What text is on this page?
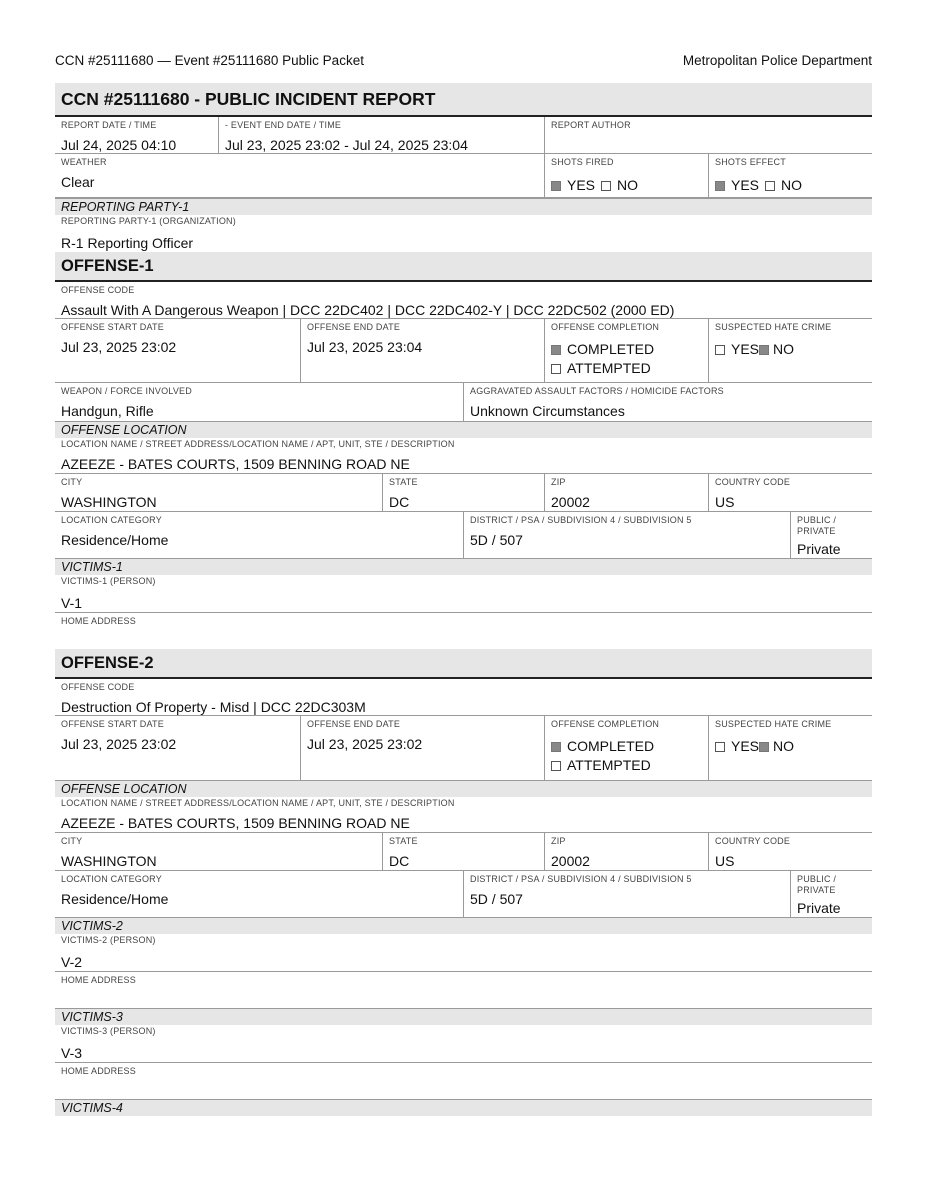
CCN #25111680 — Event #25111680 Public Packet	Metropolitan Police Department
CCN #25111680 - PUBLIC INCIDENT REPORT
REPORT DATE / TIME
Jul 24, 2025 04:10
- EVENT END DATE / TIME
Jul 23, 2025 23:02 - Jul 24, 2025 23:04
REPORT AUTHOR
WEATHER
Clear
SHOTS FIRED
YES NO
SHOTS EFFECT
YES NO
REPORTING PARTY-1
REPORTING PARTY-1 (ORGANIZATION)
R-1 Reporting Officer
OFFENSE-1
OFFENSE CODE
Assault With A Dangerous Weapon | DCC 22DC402 | DCC 22DC402-Y | DCC 22DC502 (2000 ED)
OFFENSE START DATE
Jul 23, 2025 23:02
OFFENSE END DATE
Jul 23, 2025 23:04
OFFENSE COMPLETION
COMPLETED
ATTEMPTED
SUSPECTED HATE CRIME
YES NO
WEAPON / FORCE INVOLVED
Handgun, Rifle
AGGRAVATED ASSAULT FACTORS / HOMICIDE FACTORS
Unknown Circumstances
OFFENSE LOCATION
LOCATION NAME / STREET ADDRESS/LOCATION NAME / APT, UNIT, STE / DESCRIPTION
AZEEZE - BATES COURTS, 1509 BENNING ROAD NE
CITY
WASHINGTON
STATE
DC
ZIP
20002
COUNTRY CODE
US
LOCATION CATEGORY
Residence/Home
DISTRICT / PSA / SUBDIVISION 4 / SUBDIVISION 5
5D / 507
PUBLIC / PRIVATE
Private
VICTIMS-1
VICTIMS-1 (PERSON)
V-1
HOME ADDRESS
OFFENSE-2
OFFENSE CODE
Destruction Of Property - Misd | DCC 22DC303M
OFFENSE START DATE
Jul 23, 2025 23:02
OFFENSE END DATE
Jul 23, 2025 23:02
OFFENSE COMPLETION
COMPLETED
ATTEMPTED
SUSPECTED HATE CRIME
YES NO
OFFENSE LOCATION
LOCATION NAME / STREET ADDRESS/LOCATION NAME / APT, UNIT, STE / DESCRIPTION
AZEEZE - BATES COURTS, 1509 BENNING ROAD NE
CITY
WASHINGTON
STATE
DC
ZIP
20002
COUNTRY CODE
US
LOCATION CATEGORY
Residence/Home
DISTRICT / PSA / SUBDIVISION 4 / SUBDIVISION 5
5D / 507
PUBLIC / PRIVATE
Private
VICTIMS-2
VICTIMS-2 (PERSON)
V-2
HOME ADDRESS
VICTIMS-3
VICTIMS-3 (PERSON)
V-3
HOME ADDRESS
VICTIMS-4
